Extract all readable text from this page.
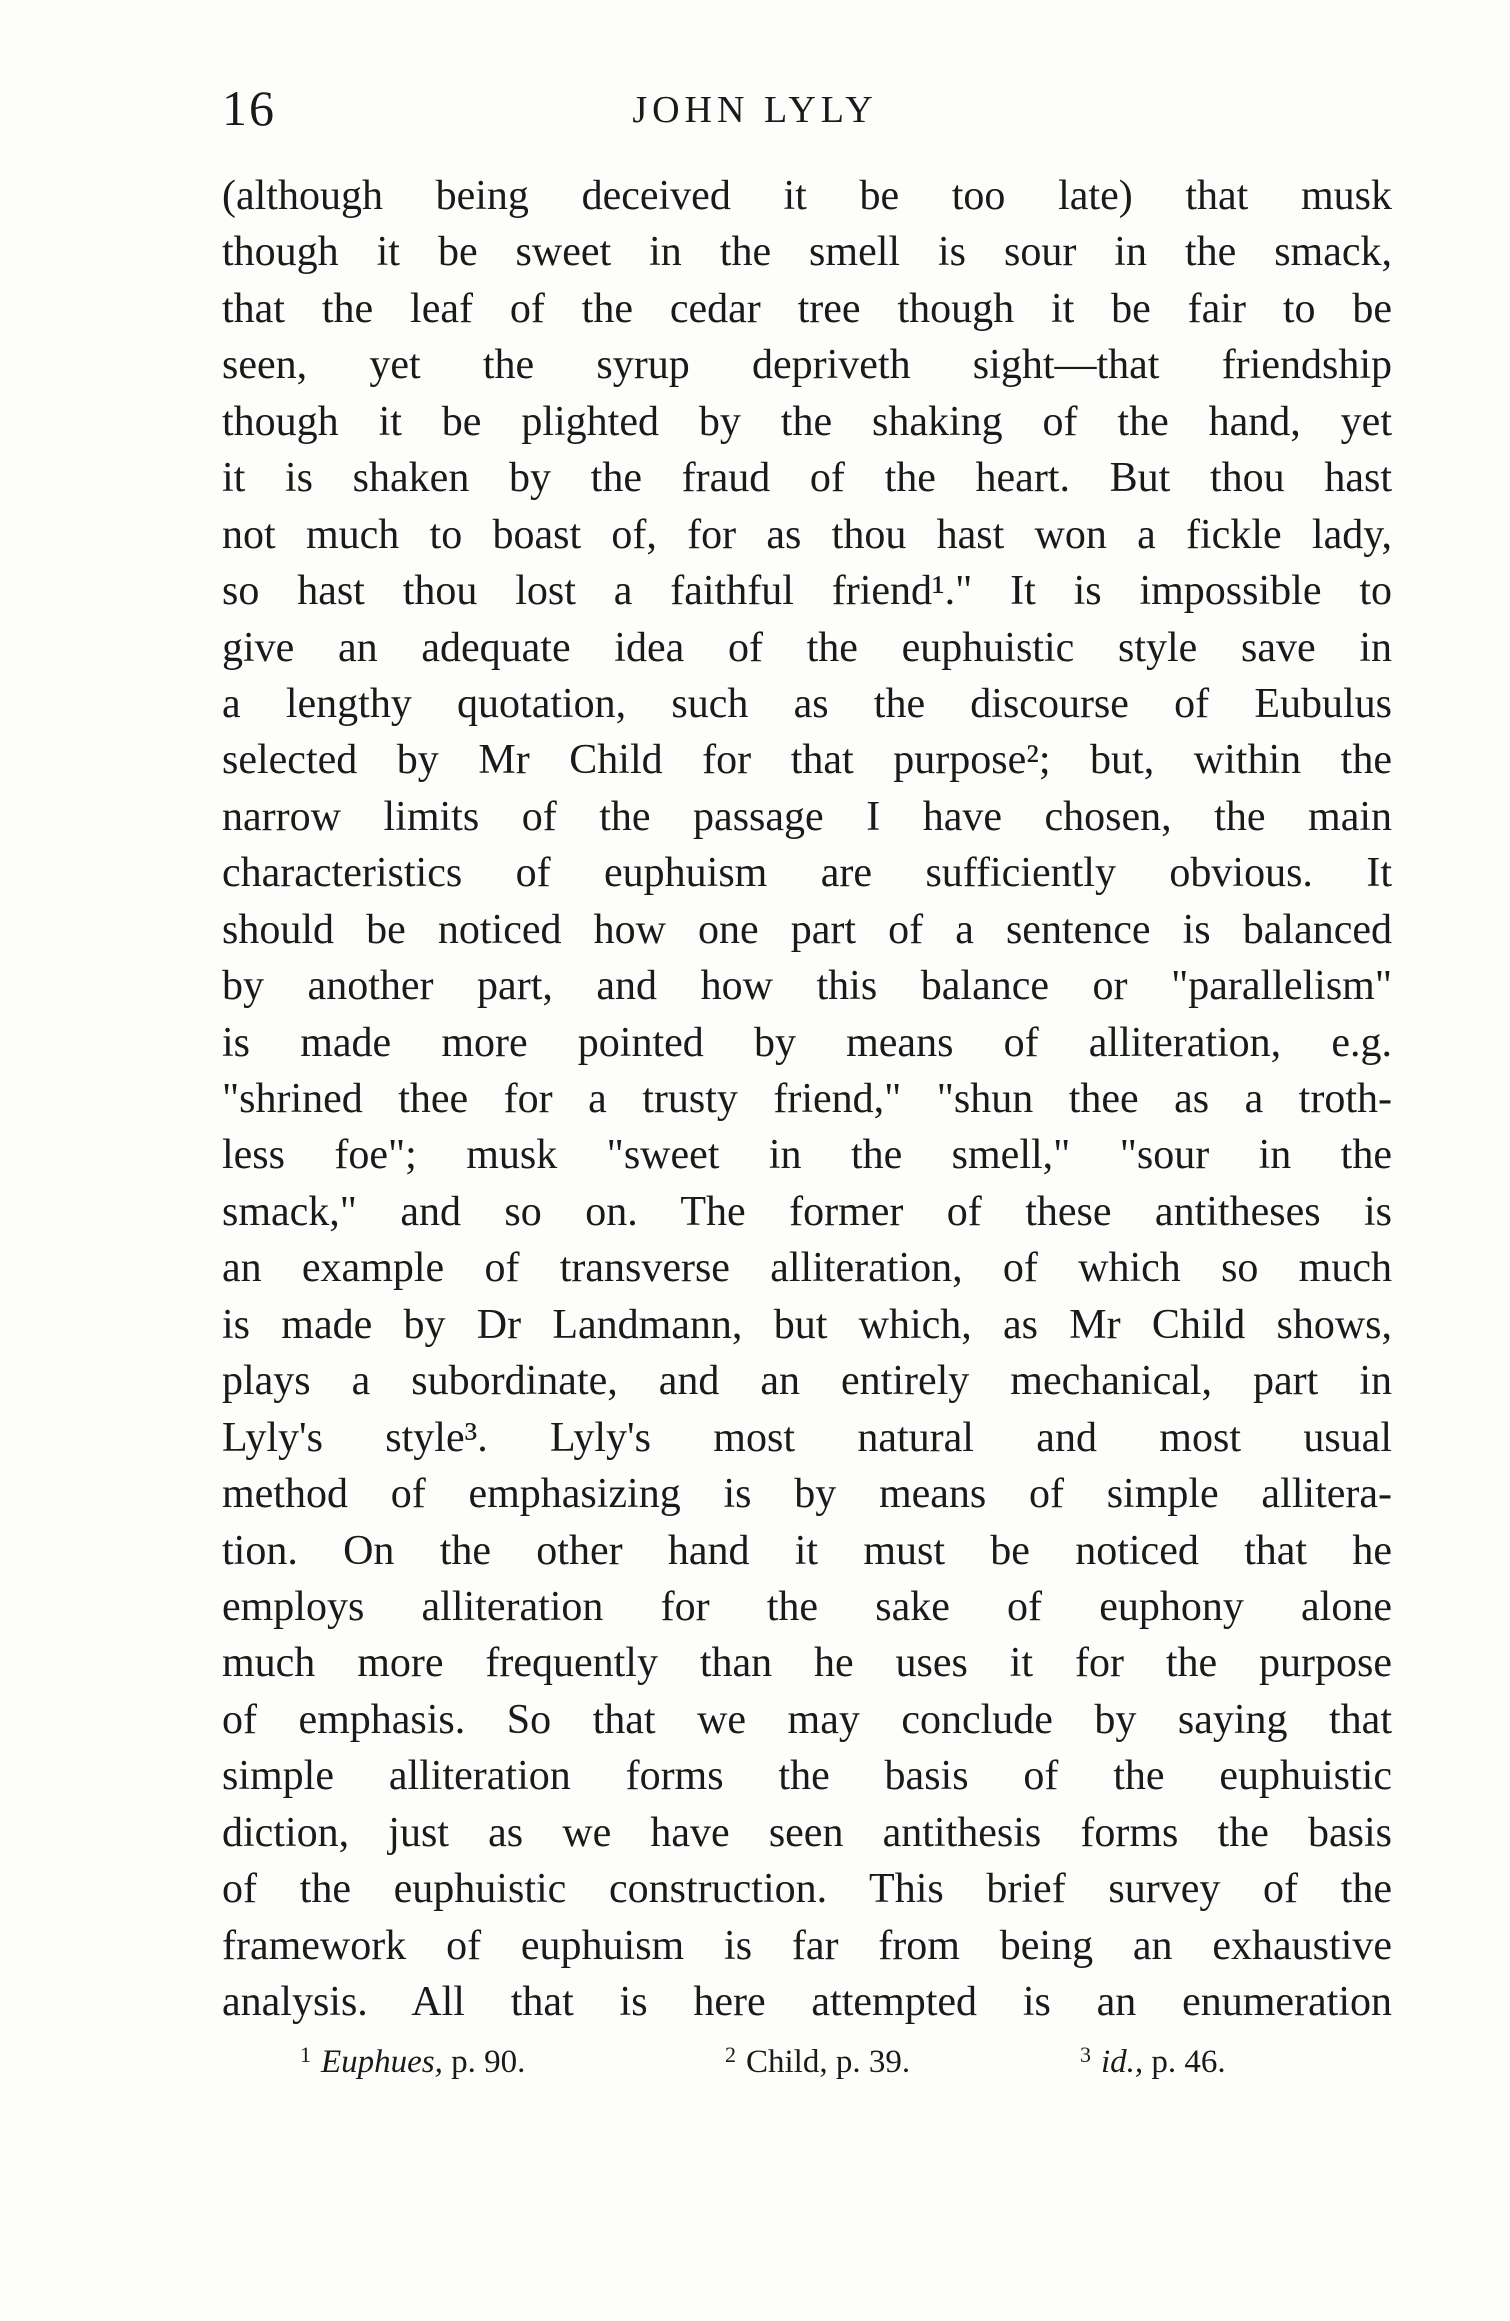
16	JOHN LYLY
(although being deceived it be too late) that musk
though it be sweet in the smell is sour in the smack,
that the leaf of the cedar tree though it be fair to be
seen, yet the syrup depriveth sight—that friendship
though it be plighted by the shaking of the hand, yet
it is shaken by the fraud of the heart. But thou hast
not much to boast of, for as thou hast won a fickle lady,
so hast thou lost a faithful friend¹." It is impossible to
give an adequate idea of the euphuistic style save in
a lengthy quotation, such as the discourse of Eubulus
selected by Mr Child for that purpose²; but, within the
narrow limits of the passage I have chosen, the main
characteristics of euphuism are sufficiently obvious. It
should be noticed how one part of a sentence is balanced
by another part, and how this balance or "parallelism"
is made more pointed by means of alliteration, e.g.
"shrined thee for a trusty friend," "shun thee as a troth-
less foe"; musk "sweet in the smell," "sour in the
smack," and so on. The former of these antitheses is
an example of transverse alliteration, of which so much
is made by Dr Landmann, but which, as Mr Child shows,
plays a subordinate, and an entirely mechanical, part in
Lyly's style³. Lyly's most natural and most usual
method of emphasizing is by means of simple allitera-
tion. On the other hand it must be noticed that he
employs alliteration for the sake of euphony alone
much more frequently than he uses it for the purpose
of emphasis. So that we may conclude by saying that
simple alliteration forms the basis of the euphuistic
diction, just as we have seen antithesis forms the basis
of the euphuistic construction. This brief survey of the
framework of euphuism is far from being an exhaustive
analysis. All that is here attempted is an enumeration
$^1$ Euphues, p. 90.	$^2$ Child, p. 39.	$^3$ id., p. 46.
